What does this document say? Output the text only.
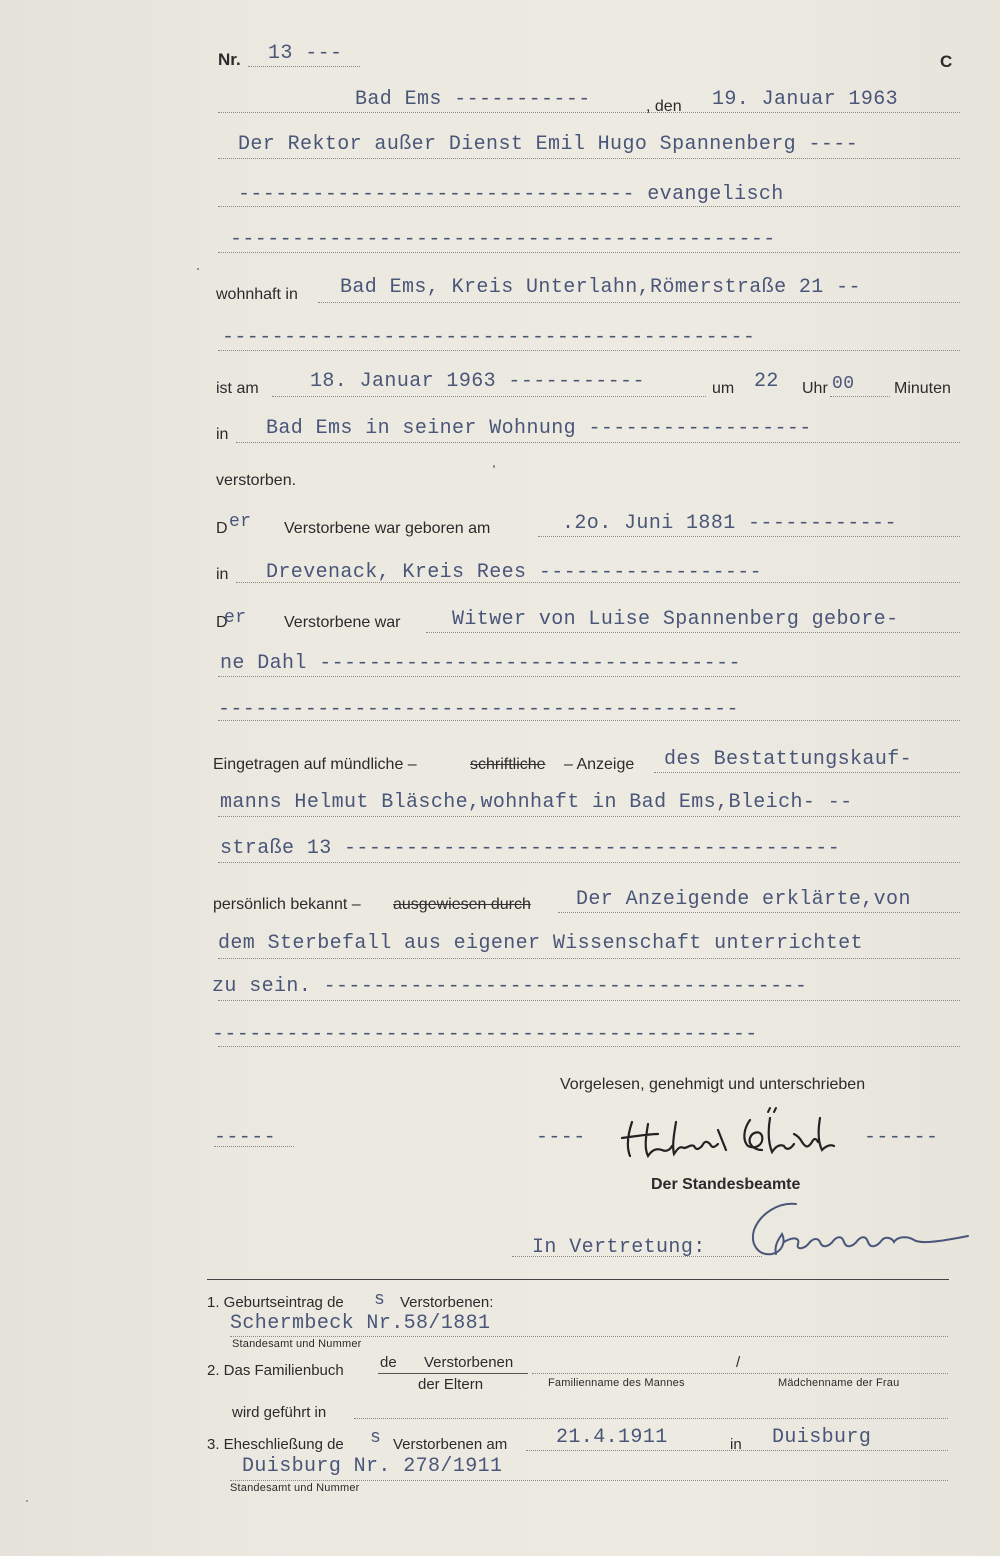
Nr. 13 ---	C
Bad Ems -----------	, den 19. Januar 1963
Der Rektor außer Dienst Emil Hugo Spannenberg ----
-------------------------------- evangelisch
--------------------------------------------
wohnhaft in Bad Ems, Kreis Unterlahn,Römerstraße 21 --
-------------------------------------------
ist am	18. Januar 1963 -----------	um 22 Uhr 00 Minuten
in Bad Ems in seiner Wohnung ------------------
verstorben.
D er Verstorbene war geboren am	.2o. Juni 1881 ------------
in Drevenack, Kreis Rees ------------------
D
er Verstorbene war	Witwer von Luise Spannenberg gebore-
ne Dahl ----------------------------------
------------------------------------------
Eingetragen auf mündliche –	schriftliche – Anzeige des Bestattungskauf-
manns Helmut Bläsche,wohnhaft in Bad Ems,Bleich- --
straße 13 ----------------------------------------
persönlich bekannt – ausgewiesen durch Der Anzeigende erklärte,von
dem Sterbefall aus eigener Wissenschaft unterrichtet
zu sein. ---------------------------------------
--------------------------------------------
Vorgelesen, genehmigt und unterschrieben
-----	----	------
Der Standesbeamte
In Vertretung:
1. Geburtseintrag de s Verstorbenen:
Schermbeck Nr.58/1881
Standesamt und Nummer
2. Das Familienbuch de Verstorbenen
der Eltern
/
Familienname des Mannes	Mädchenname der Frau
wird geführt in
3. Eheschließung de s Verstorbenen am 21.4.1911	in Duisburg
Duisburg Nr. 278/1911
Standesamt und Nummer
